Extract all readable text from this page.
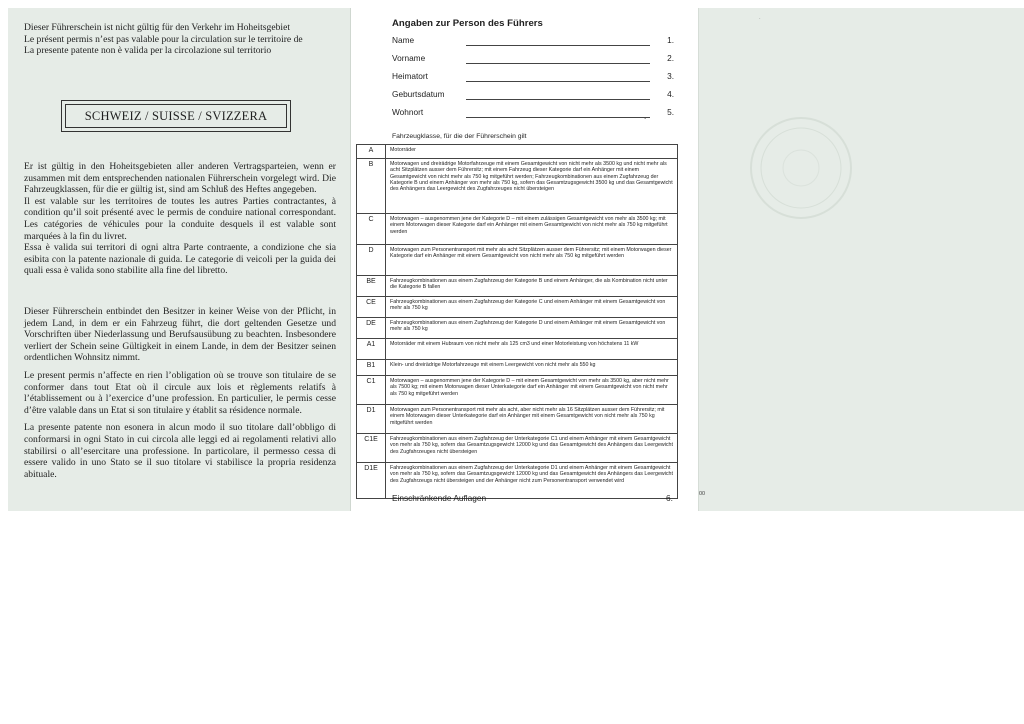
Dieser Führerschein ist nicht gültig für den Verkehr im Hoheitsgebiet

Le présent permis n’est pas valable pour la circulation sur le territoire de

La presente patente non è valida per la circolazione sul territorio

SCHWEIZ / SUISSE / SVIZZERA

Er ist gültig in den Hoheitsgebieten aller anderen Vertragsparteien, wenn er zusammen mit dem entsprechenden nationalen Führerschein vorgelegt wird. Die Fahrzeugklassen, für die er gültig ist, sind am Schluß des Heftes angegeben.

Il est valable sur les territoires de toutes les autres Parties contractantes, à condition qu’il soit présenté avec le permis de conduire national correspondant. Les catégories de véhicules pour la conduite desquels il est valable sont marquées à la fin du livret.

Essa è valida sui territori di ogni altra Parte contraente, a condizione che sia esibita con la patente nazionale di guida. Le categorie di veicoli per la guida dei quali essa è valida sono stabilite alla fine del libretto.

Dieser Führerschein entbindet den Besitzer in keiner Weise von der Pflicht, in jedem Land, in dem er ein Fahrzeug führt, die dort geltenden Gesetze und Vorschriften über Niederlassung und Berufsausübung zu beachten. Insbesondere verliert der Schein seine Gültigkeit in einem Lande, in dem der Besitzer seinen ordentlichen Wohnsitz nimmt.

Le present permis n’affecte en rien l’obligation où se trouve son titulaire de se conformer dans tout Etat où il circule aux lois et règlements relatifs à l’établissement ou à l’exercice d’une profession. En particulier, le permis cesse d’être valable dans un Etat si son titulaire y établit sa résidence normale.

La presente patente non esonera in alcun modo il suo titolare dall’obbligo di conformarsi in ogni Stato in cui circola alle leggi ed ai regolamenti relativi allo stabilirsi o all’esercitare una professione. In particolare, il permesso cessa di essere valido in uno Stato se il suo titolare vi stabilisce la propria residenza abituale.

Angaben zur Person des Führers
Name	1.
Vorname	2.
Heimatort	3.
Geburtsdatum	4.
Wohnort	5.
.
Fahrzeugklasse, für die der Führerschein gilt
A	Motorräder
B	Motorwagen und dreirädrige Motorfahrzeuge mit einem Gesamtgewicht von nicht mehr als 3500 kg und nicht mehr als acht Sitzplätzen ausser dem Führersitz; mit einem Fahrzeug dieser Kategorie darf ein Anhänger mit einem Gesamtgewicht von nicht mehr als 750 kg mitgeführt werden; Fahrzeugkombinationen aus einem Zugfahrzeug der Kategorie B und einem Anhänger von mehr als 750 kg, sofern das Gesamtzugsgewicht 3500 kg und das Gesamtgewicht des Anhängers das Leergewicht des Zugfahrzeuges nicht übersteigen
C	Motorwagen – ausgenommen jene der Kategorie D – mit einem zulässigen Gesamtgewicht von mehr als 3500 kg; mit einem Motorwagen dieser Kategorie darf ein Anhänger mit einem Gesamtgewicht von nicht mehr als 750 kg mitgeführt werden
D	Motorwagen zum Personentransport mit mehr als acht Sitzplätzen ausser dem Führersitz; mit einem Motorwagen dieser Kategorie darf ein Anhänger mit einem Gesamtgewicht von nicht mehr als 750 kg mitgeführt werden
BE	Fahrzeugkombinationen aus einem Zugfahrzeug der Kategorie B und einem Anhänger, die als Kombination nicht unter die Kategorie B fallen
CE	Fahrzeugkombinationen aus einem Zugfahrzeug der Kategorie C und einem Anhänger mit einem Gesamtgewicht von mehr als 750 kg
DE	Fahrzeugkombinationen aus einem Zugfahrzeug der Kategorie D und einem Anhänger mit einem Gesamtgewicht von mehr als 750 kg
A1	Motorräder mit einem Hubraum von nicht mehr als 125 cm3 und einer Motorleistung von höchstens 11 kW
B1	Klein- und dreirädrige Motorfahrzeuge mit einem Leergewicht von nicht mehr als 550 kg
C1	Motorwagen – ausgenommen jene der Kategorie D – mit einem Gesamtgewicht von mehr als 3500 kg, aber nicht mehr als 7500 kg; mit einem Motorwagen dieser Unterkategorie darf ein Anhänger mit einem Gesamtgewicht von nicht mehr als 750 kg mitgeführt werden
D1	Motorwagen zum Personentransport mit mehr als acht, aber nicht mehr als 16 Sitzplätzen ausser dem Führersitz; mit einem Motorwagen dieser Unterkategorie darf ein Anhänger mit einem Gesamtgewicht von nicht mehr als 750 kg mitgeführt werden
C1E	Fahrzeugkombinationen aus einem Zugfahrzeug der Unterkategorie C1 und einem Anhänger mit einem Gesamtgewicht von mehr als 750 kg, sofern das Gesamtzugsgewicht 12000 kg und das Gesamtgewicht des Anhängers das Leergewicht des Zugfahrzeuges nicht übersteigen
D1E	Fahrzeugkombinationen aus einem Zugfahrzeug der Unterkategorie D1 und einem Anhänger mit einem Gesamtgewicht von mehr als 750 kg, sofern das Gesamtzugsgewicht 12000 kg und das Gesamtgewicht des Anhängers das Leergewicht des Zugfahrzeugs nicht übersteigen und der Anhänger nicht zum Personentransport verwendet wird
Einschränkende Auflagen	6.
·
00
